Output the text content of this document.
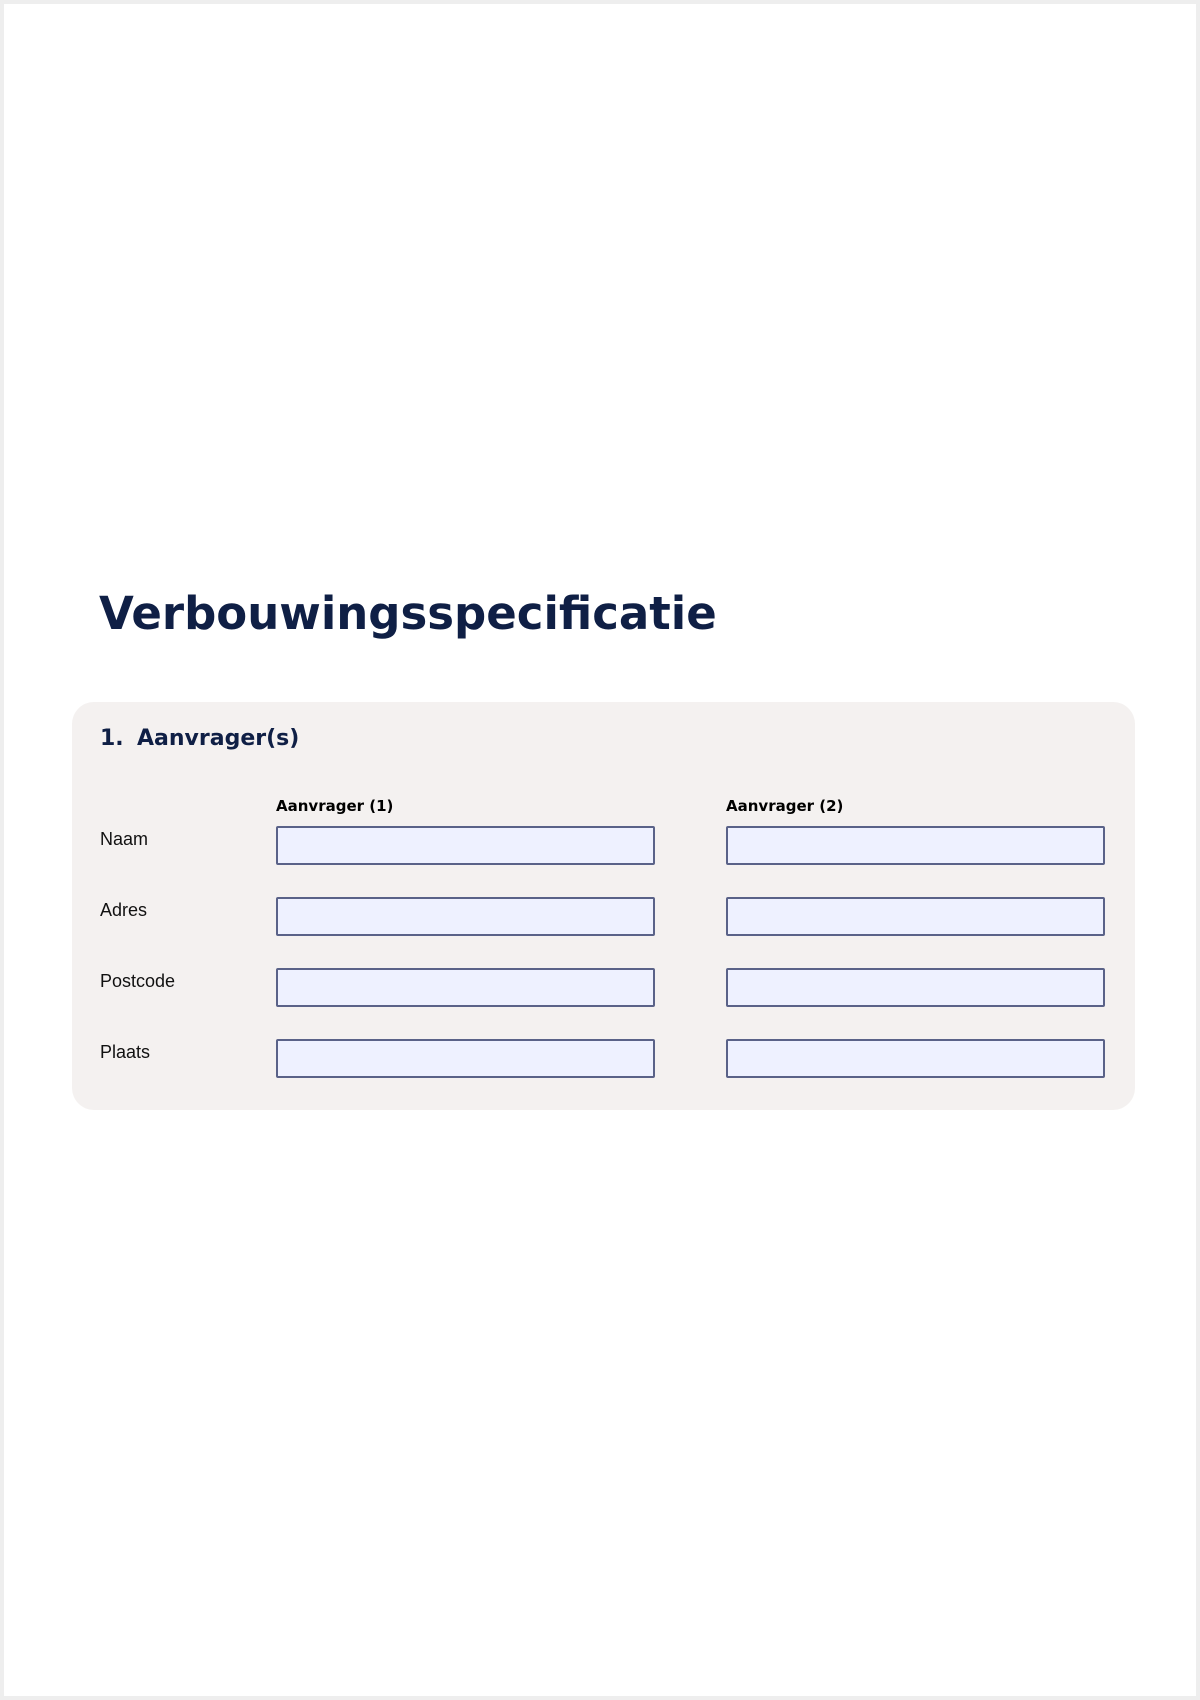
Verbouwingsspecificatie
1. Aanvrager(s)
Aanvrager (1)	Aanvrager (2)
Naam
Adres
Postcode
Plaats
